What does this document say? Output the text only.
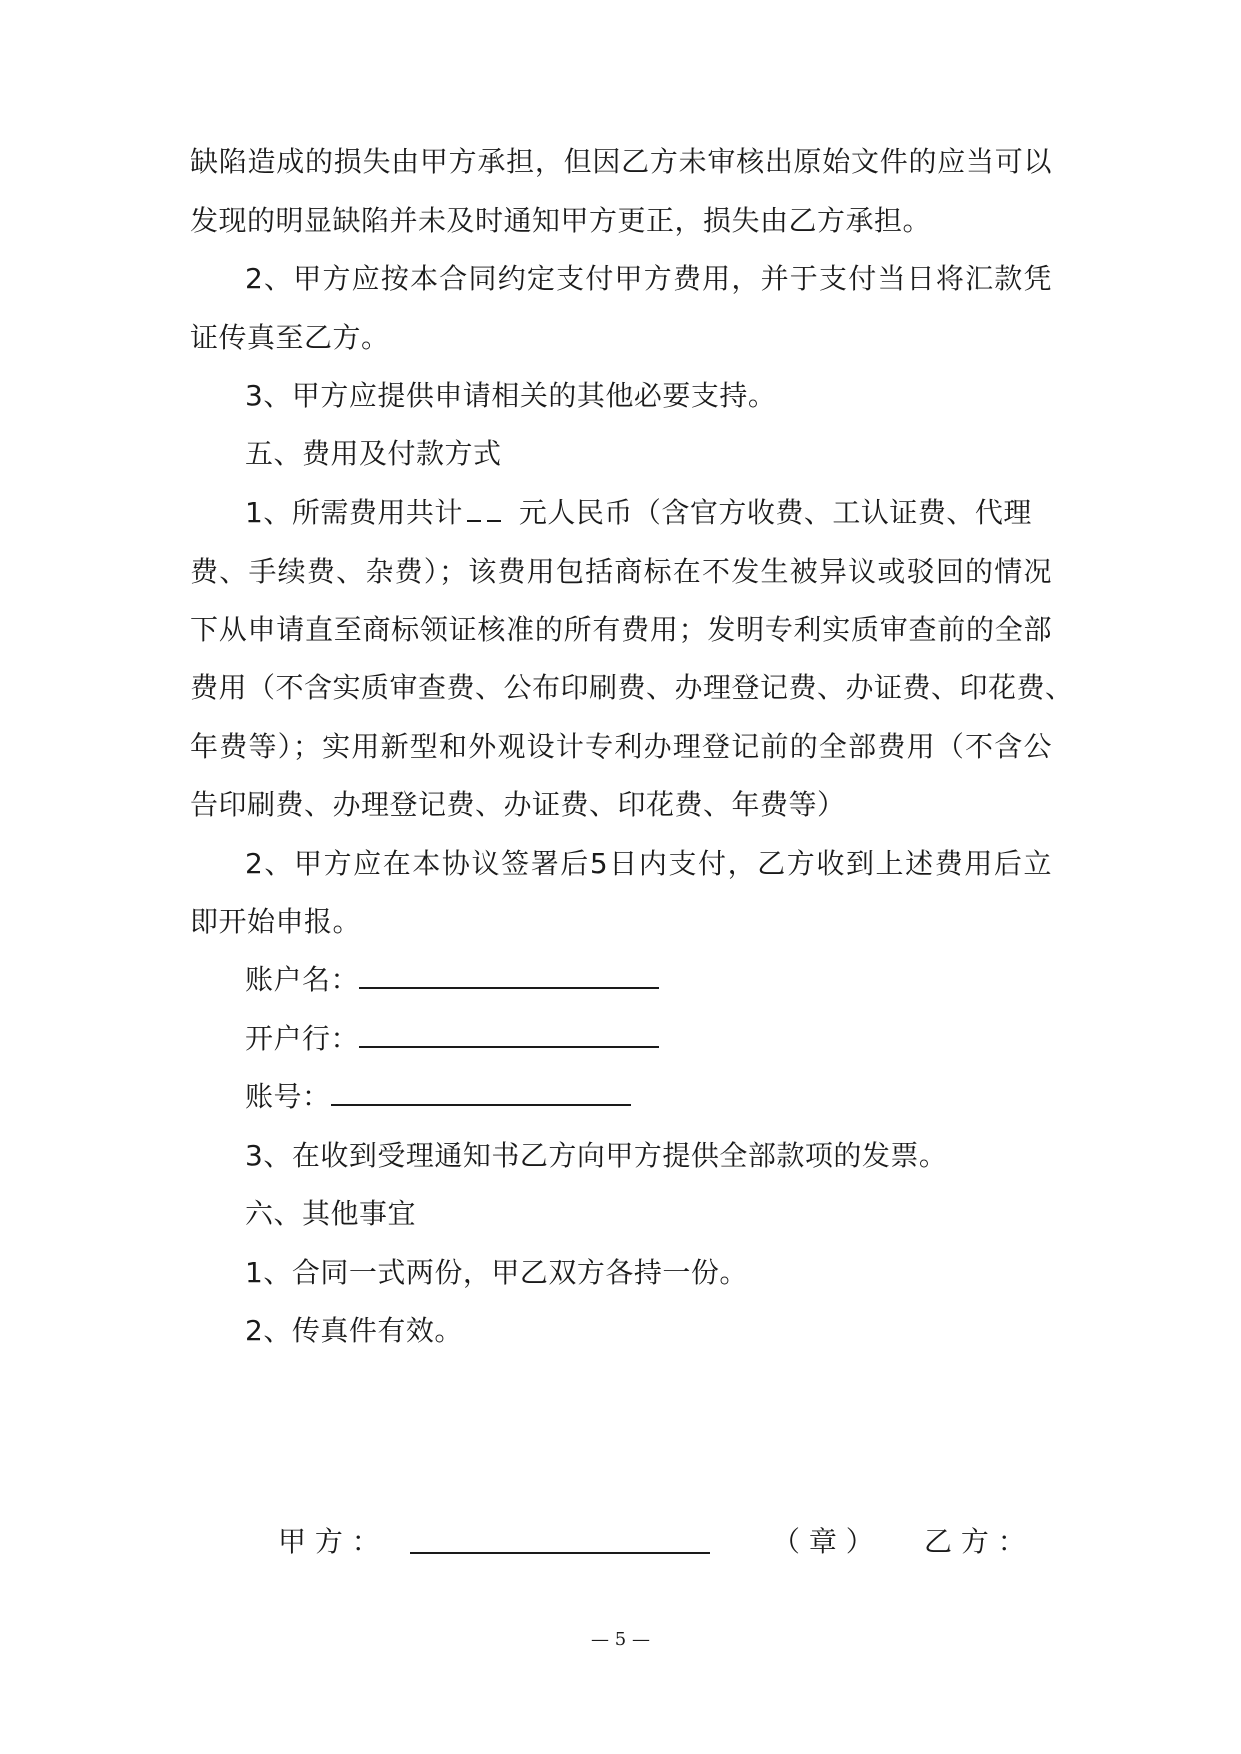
缺陷造成的损失由甲方承担，但因乙方未审核出原始文件的应当可以
发现的明显缺陷并未及时通知甲方更正，损失由乙方承担。
2、甲方应按本合同约定支付甲方费用，并于支付当日将汇款凭
证传真至乙方。
3、甲方应提供申请相关的其他必要支持。
五、费用及付款方式
1、所需费用共计 元人民币（含官方收费、工认证费、代理
费、手续费、杂费）；该费用包括商标在不发生被异议或驳回的情况
下从申请直至商标领证核准的所有费用；发明专利实质审查前的全部
费用（不含实质审查费、公布印刷费、办理登记费、办证费、印花费、
年费等）；实用新型和外观设计专利办理登记前的全部费用（不含公
告印刷费、办理登记费、办证费、印花费、年费等）
2、甲方应在本协议签署后5日内支付，乙方收到上述费用后立
即开始申报。
账户名：
开户行：
账号：
3、在收到受理通知书乙方向甲方提供全部款项的发票。
六、其他事宜
1、合同一式两份，甲乙双方各持一份。
2、传真件有效。
甲 方 ：	（ 章 ） 乙 方 ：
— 5 —
